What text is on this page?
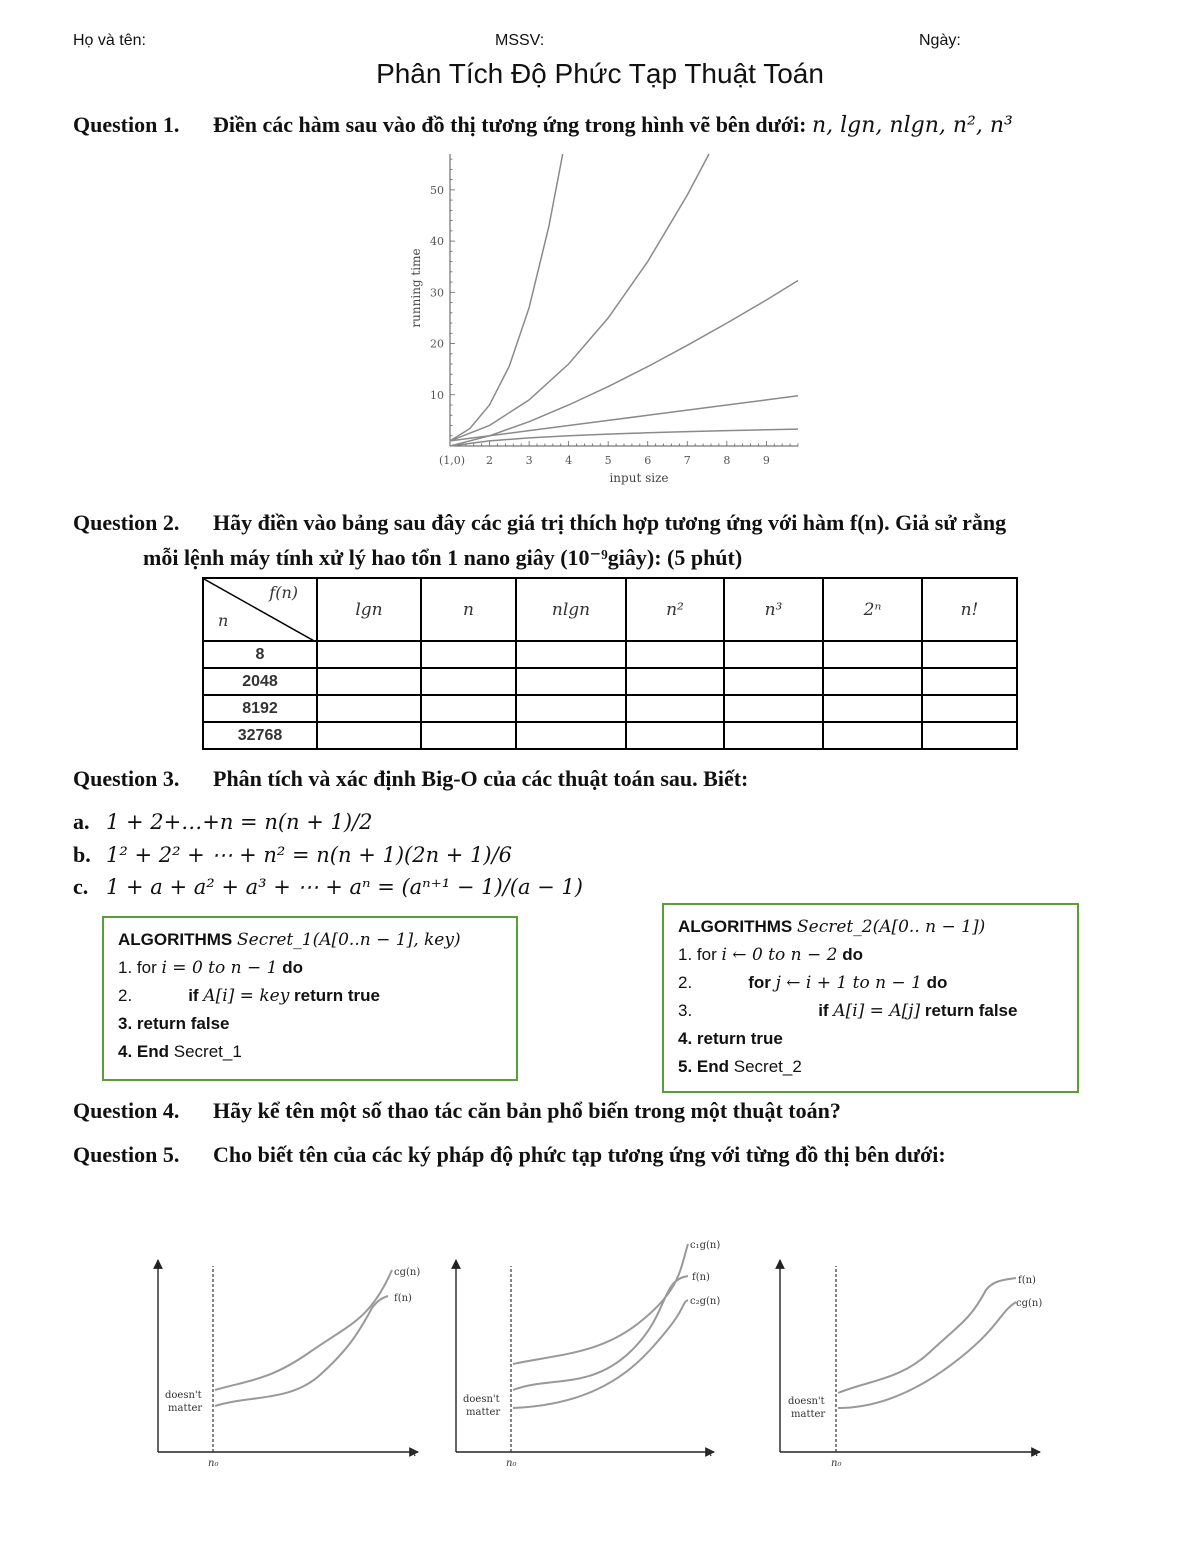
Họ và tên:	MSSV:	Ngày:
Phân Tích Độ Phức Tạp Thuật Toán
Question 1. Điền các hàm sau vào đồ thị tương ứng trong hình vẽ bên dưới: n, lgn, nlgn, n², n³
10
20
30
40
50
(1,0) 2	3	4	5	6	7	8	9
input size
running time
Question 2. Hãy điền vào bảng sau đây các giá trị thích hợp tương ứng với hàm f(n). Giả sử rằng
mỗi lệnh máy tính xử lý hao tổn 1 nano giây (10⁻⁹giây): (5 phút)
f(n)
n	lgn	n	nlgn	n²	n³	2ⁿ	n!
8							
2048							
8192							
32768							
Question 3. Phân tích và xác định Big-O của các thuật toán sau. Biết:
a. 1 + 2+…+n = n(n + 1)/2
b. 1² + 2² + ⋯ + n² = n(n + 1)(2n + 1)/6
c. 1 + a + a² + a³ + ⋯ + aⁿ = (aⁿ⁺¹ − 1)/(a − 1)
ALGORITHMS Secret_1(A[0..n − 1], key)
1. for i = 0 to n − 1 do
2.	if A[i] = key return true
3. return false
4. End Secret_1
ALGORITHMS Secret_2(A[0.. n − 1])
1. for i ← 0 to n − 2 do
2.	for j ← i + 1 to n − 1 do
3.	if A[i] = A[j] return false
4. return true
5. End Secret_2
Question 4. Hãy kể tên một số thao tác căn bản phổ biến trong một thuật toán?
Question 5. Cho biết tên của các ký pháp độ phức tạp tương ứng với từng đồ thị bên dưới:
cg(n)
f(n)
doesn't
matter
n₀
n
c₁g(n)
f(n)
c₂g(n)
doesn't
matter
n₀
n
f(n)
cg(n)
doesn't
matter
n₀
n
